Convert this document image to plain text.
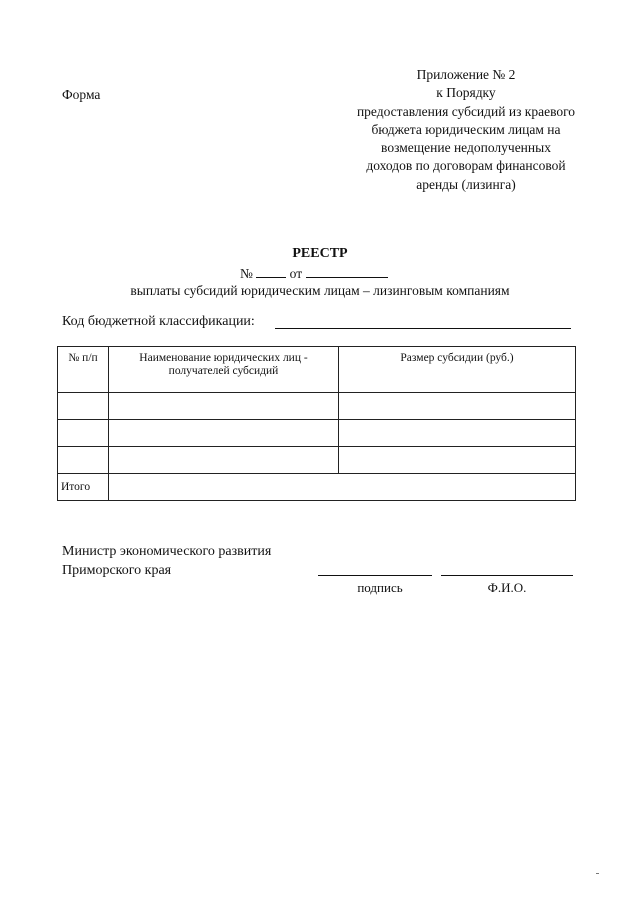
Форма
Приложение № 2
к Порядку
предоставления субсидий из краевого
бюджета юридическим лицам на
возмещение недополученных
доходов по договорам финансовой
аренды (лизинга)
РЕЕСТР
№	от
выплаты субсидий юридическим лицам – лизинговым компаниям
Код бюджетной классификации:
№ п/п	Наименование юридических лиц - получателей субсидий	Размер субсидии (руб.)

Итого		
Министр экономического развития
Приморского края
подпись	Ф.И.О.
